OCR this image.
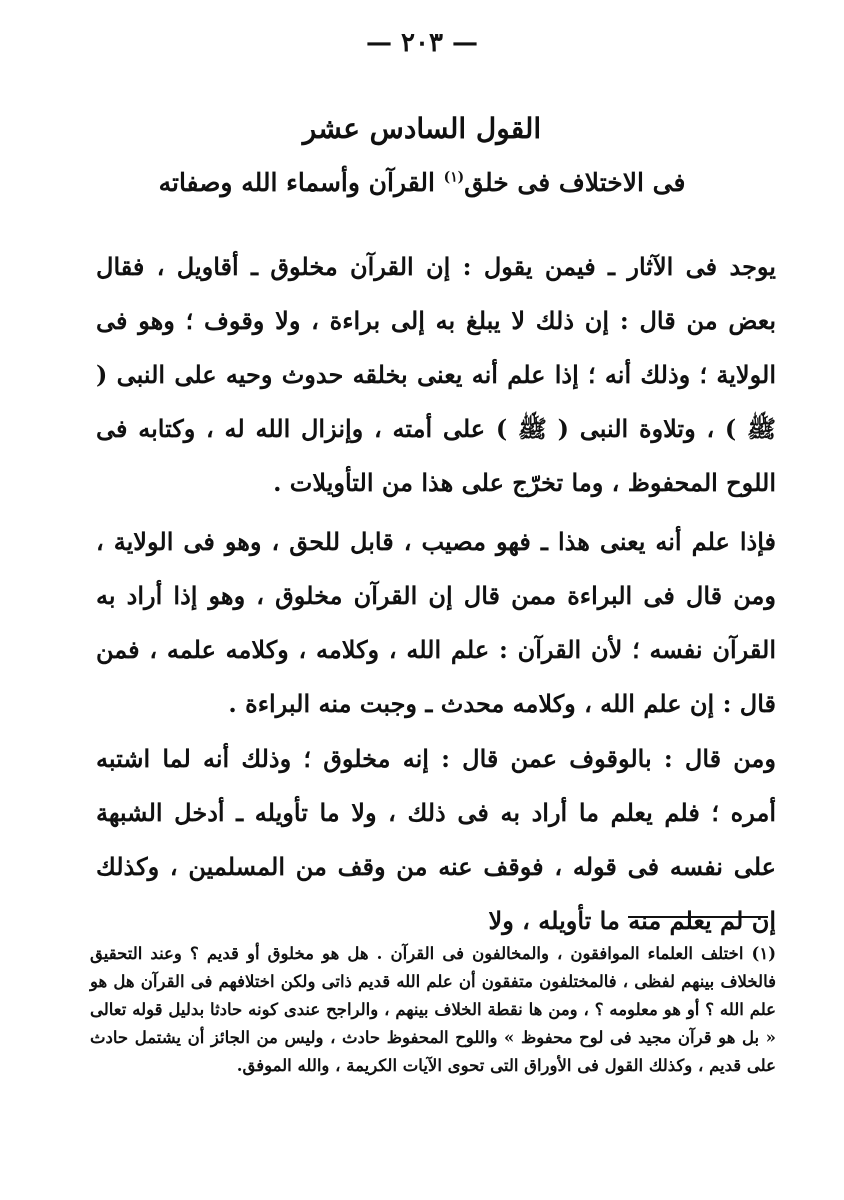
— ٢٠٣ —
القول السادس عشر
فى الاختلاف فى خلق$^{(١)}$ القرآن وأسماء الله وصفاته

يوجد فى الآثار ـ فيمن يقول : إن القرآن مخلوق ـ أقاويل ، فقال بعض من قال : إن ذلك لا يبلغ به إلى براءة ، ولا وقوف ؛ وهو فى الولاية ؛ وذلك أنه ؛ إذا علم أنه يعنى بخلقه حدوث وحيه على النبى ( ﷺ ) ، وتلاوة النبى ( ﷺ ) على أمته ، وإنزال الله له ، وكتابه فى اللوح المحفوظ ، وما تخرّج على هذا من التأويلات .

فإذا علم أنه يعنى هذا ـ فهو مصيب ، قابل للحق ، وهو فى الولاية ، ومن قال فى البراءة ممن قال إن القرآن مخلوق ، وهو إذا أراد به القرآن نفسه ؛ لأن القرآن : علم الله ، وكلامه ، وكلامه علمه ، فمن قال : إن علم الله ، وكلامه محدث ـ وجبت منه البراءة .

ومن قال : بالوقوف عمن قال : إنه مخلوق ؛ وذلك أنه لما اشتبه أمره ؛ فلم يعلم ما أراد به فى ذلك ، ولا ما تأويله ـ أدخل الشبهة على نفسه فى قوله ، فوقف عنه من وقف من المسلمين ، وكذلك إن لم يعلم منه ما تأويله ، ولا

(١) اختلف العلماء الموافقون ، والمخالفون فى القرآن . هل هو مخلوق أو قديم ؟ وعند التحقيق فالخلاف بينهم لفظى ، فالمختلفون متفقون أن علم الله قديم ذاتى ولكن اختلافهم فى القرآن هل هو علم الله ؟ أو هو معلومه ؟ ، ومن ها نقطة الخلاف بينهم ، والراجح عندى كونه حادثا بدليل قوله تعالى « بل هو قرآن مجيد فى لوح محفوظ » واللوح المحفوظ حادث ، وليس من الجائز أن يشتمل حادث على قديم ، وكذلك القول فى الأوراق التى تحوى الآيات الكريمة ، والله الموفق.
